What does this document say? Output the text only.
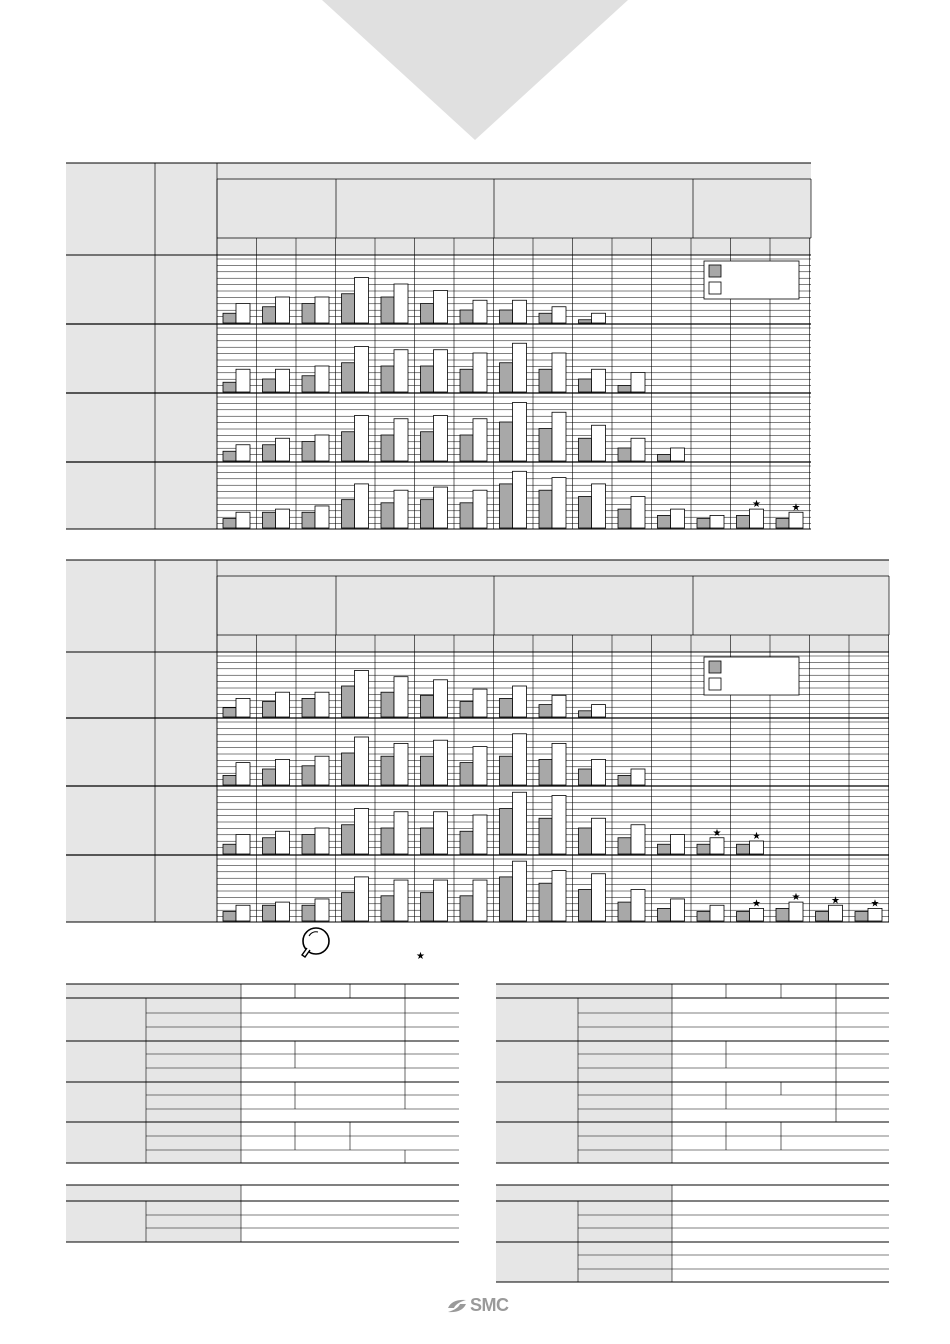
★	★
★	★
★
★	★	★
★
SMC
